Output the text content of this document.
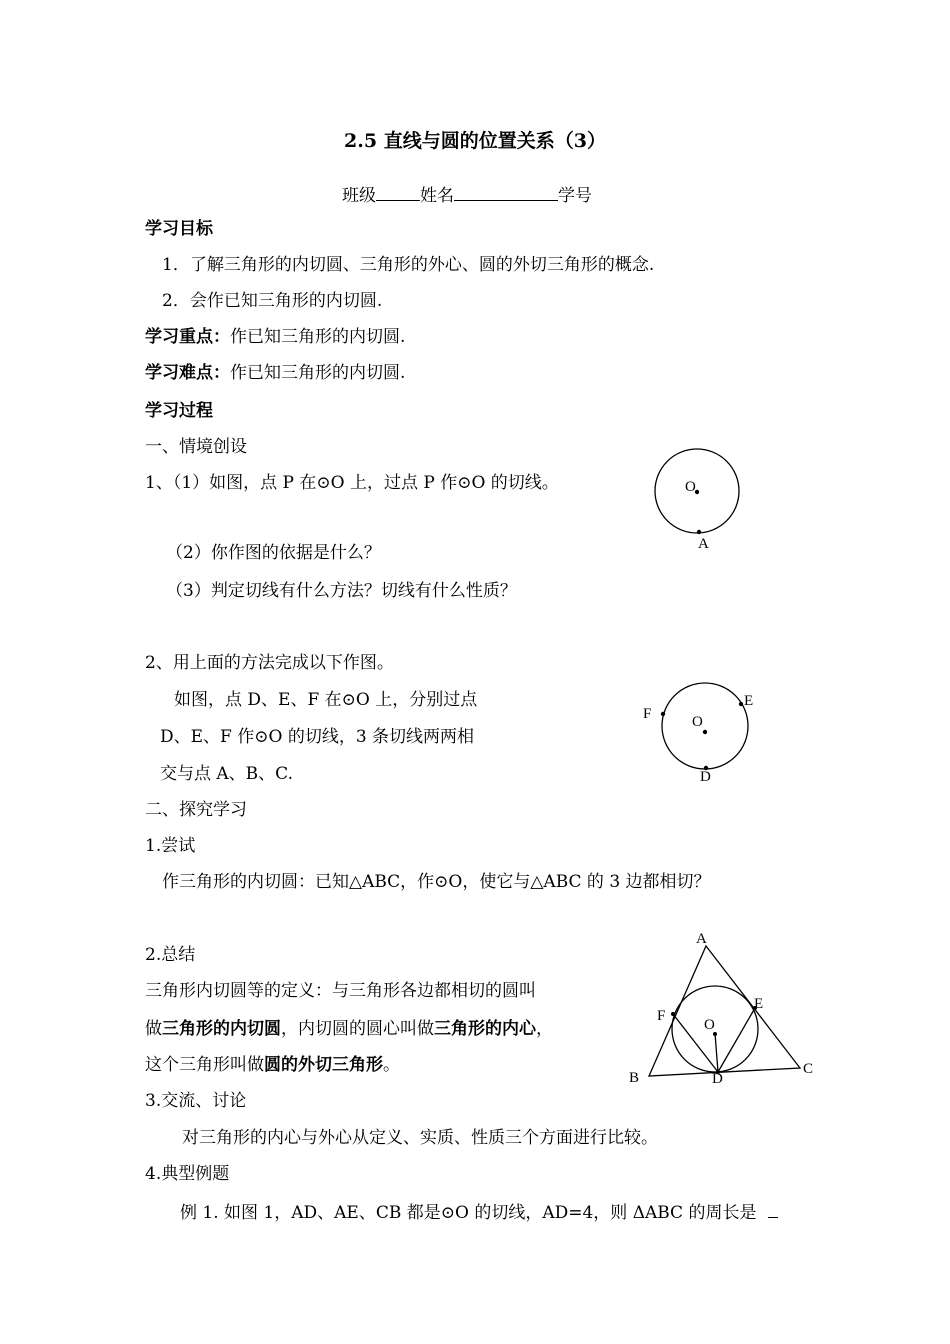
2.5 直线与圆的位置关系（3）
班级	姓名	学号
学习目标
1．了解三角形的内切圆、三角形的外心、圆的外切三角形的概念.
2．会作已知三角形的内切圆.
学习重点：作已知三角形的内切圆.
学习难点：作已知三角形的内切圆.
学习过程
一、情境创设
1、（1）如图，点 P 在⊙O 上，过点 P 作⊙O 的切线。
（2）你作图的依据是什么？
（3）判定切线有什么方法？切线有什么性质？
2、用上面的方法完成以下作图。
如图，点 D、E、F 在⊙O 上，分别过点
D、E、F 作⊙O 的切线，3 条切线两两相
交与点 A、B、C.
二、探究学习
1.尝试
作三角形的内切圆：已知△ABC，作⊙O，使它与△ABC 的 3 边都相切？
2.总结
三角形内切圆等的定义：与三角形各边都相切的圆叫
做三角形的内切圆，内切圆的圆心叫做三角形的内心，
这个三角形叫做圆的外切三角形。
3.交流、讨论
对三角形的内心与外心从定义、实质、性质三个方面进行比较。
4.典型例题
例 1. 如图 1，AD、AE、CB 都是⊙O 的切线，AD=4，则 ΔABC 的周长是
O
A
O
F
E
D
A
B
C
F
E
D
O
